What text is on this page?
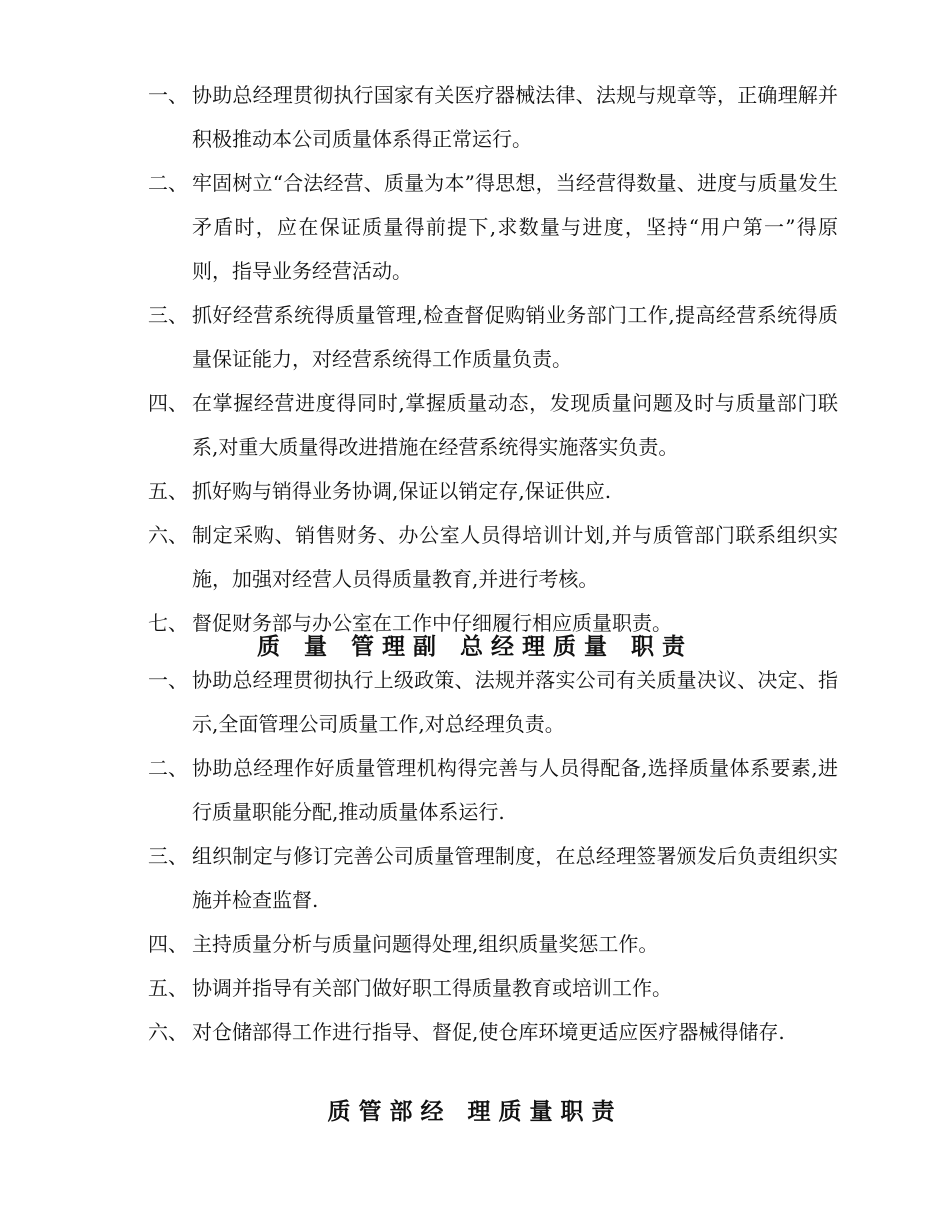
一、 协助总经理贯彻执行国家有关医疗器械法律、法规与规章等，正确理解并积极推动本公司质量体系得正常运行。
二、 牢固树立“合法经营、质量为本”得思想，当经营得数量、进度与质量发生矛盾时，应在保证质量得前提下,求数量与进度，坚持“用户第一”得原则，指导业务经营活动。
三、 抓好经营系统得质量管理,检查督促购销业务部门工作,提高经营系统得质量保证能力，对经营系统得工作质量负责。
四、 在掌握经营进度得同时,掌握质量动态，发现质量问题及时与质量部门联系,对重大质量得改进措施在经营系统得实施落实负责。
五、 抓好购与销得业务协调,保证以销定存,保证供应.
六、 制定采购、销售财务、办公室人员得培训计划,并与质管部门联系组织实施，加强对经营人员得质量教育,并进行考核。
七、 督促财务部与办公室在工作中仔细履行相应质量职责。
质 量 管理副 总经理质量 职责
一、 协助总经理贯彻执行上级政策、法规并落实公司有关质量决议、决定、指示,全面管理公司质量工作,对总经理负责。
二、 协助总经理作好质量管理机构得完善与人员得配备,选择质量体系要素,进行质量职能分配,推动质量体系运行.
三、 组织制定与修订完善公司质量管理制度，在总经理签署颁发后负责组织实施并检查监督.
四、 主持质量分析与质量问题得处理,组织质量奖惩工作。
五、 协调并指导有关部门做好职工得质量教育或培训工作。
六、 对仓储部得工作进行指导、督促,使仓库环境更适应医疗器械得储存.
质管部经 理质量职责
